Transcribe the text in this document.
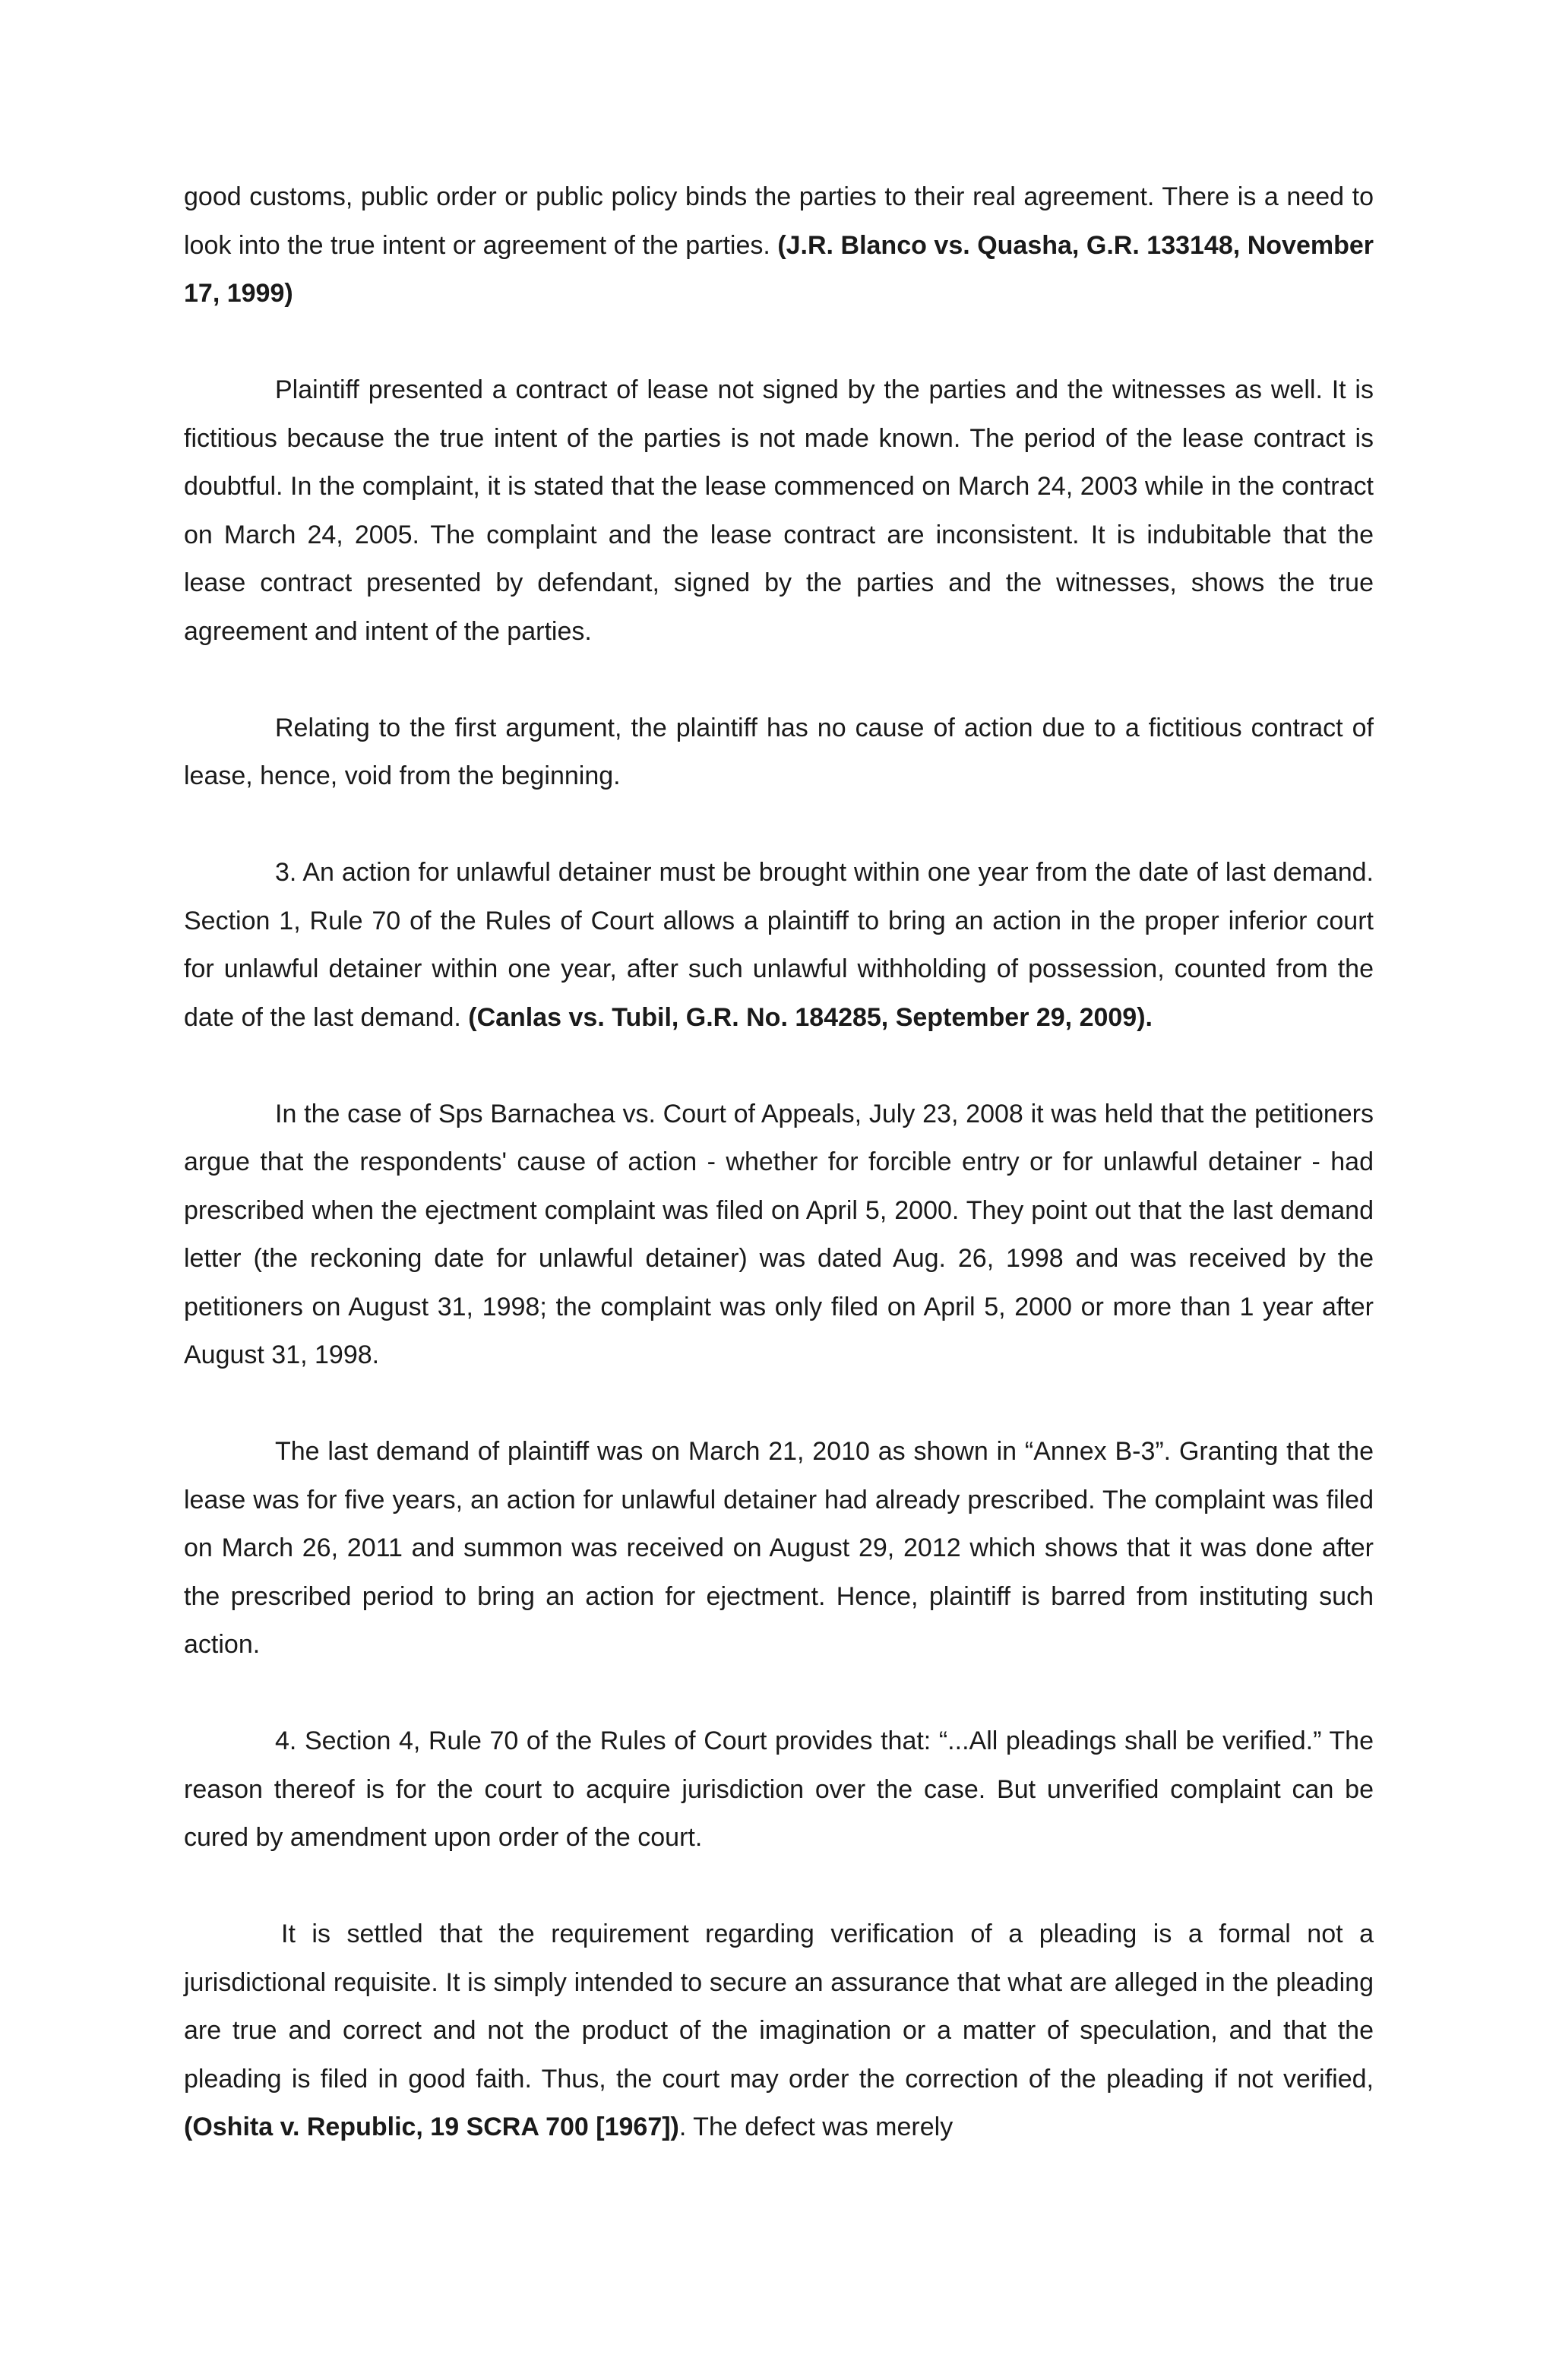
good customs, public order or public policy binds the parties to their real agreement. There is a need to look into the true intent or agreement of the parties. (J.R. Blanco vs. Quasha, G.R. 133148, November 17, 1999)

Plaintiff presented a contract of lease not signed by the parties and the witnesses as well. It is fictitious because the true intent of the parties is not made known. The period of the lease contract is doubtful. In the complaint, it is stated that the lease commenced on March 24, 2003 while in the contract on March 24, 2005. The complaint and the lease contract are inconsistent. It is indubitable that the lease contract presented by defendant, signed by the parties and the witnesses, shows the true agreement and intent of the parties.

Relating to the first argument, the plaintiff has no cause of action due to a fictitious contract of lease, hence, void from the beginning.

3. An action for unlawful detainer must be brought within one year from the date of last demand. Section 1, Rule 70 of the Rules of Court allows a plaintiff to bring an action in the proper inferior court for unlawful detainer within one year, after such unlawful withholding of possession, counted from the date of the last demand. (Canlas vs. Tubil, G.R. No. 184285, September 29, 2009).

In the case of Sps Barnachea vs. Court of Appeals, July 23, 2008 it was held that the petitioners argue that the respondents' cause of action - whether for forcible entry or for unlawful detainer - had prescribed when the ejectment complaint was filed on April 5, 2000. They point out that the last demand letter (the reckoning date for unlawful detainer) was dated Aug. 26, 1998 and was received by the petitioners on August 31, 1998; the complaint was only filed on April 5, 2000 or more than 1 year after August 31, 1998.

The last demand of plaintiff was on March 21, 2010 as shown in “Annex B-3”. Granting that the lease was for five years, an action for unlawful detainer had already prescribed. The complaint was filed on March 26, 2011 and summon was received on August 29, 2012 which shows that it was done after the prescribed period to bring an action for ejectment. Hence, plaintiff is barred from instituting such action.

4. Section 4, Rule 70 of the Rules of Court provides that: “...All pleadings shall be verified.” The reason thereof is for the court to acquire jurisdiction over the case. But unverified complaint can be cured by amendment upon order of the court.

It is settled that the requirement regarding verification of a pleading is a formal not a jurisdictional requisite. It is simply intended to secure an assurance that what are alleged in the pleading are true and correct and not the product of the imagination or a matter of speculation, and that the pleading is filed in good faith. Thus, the court may order the correction of the pleading if not verified, (Oshita v. Republic, 19 SCRA 700 [1967]). The defect was merely
